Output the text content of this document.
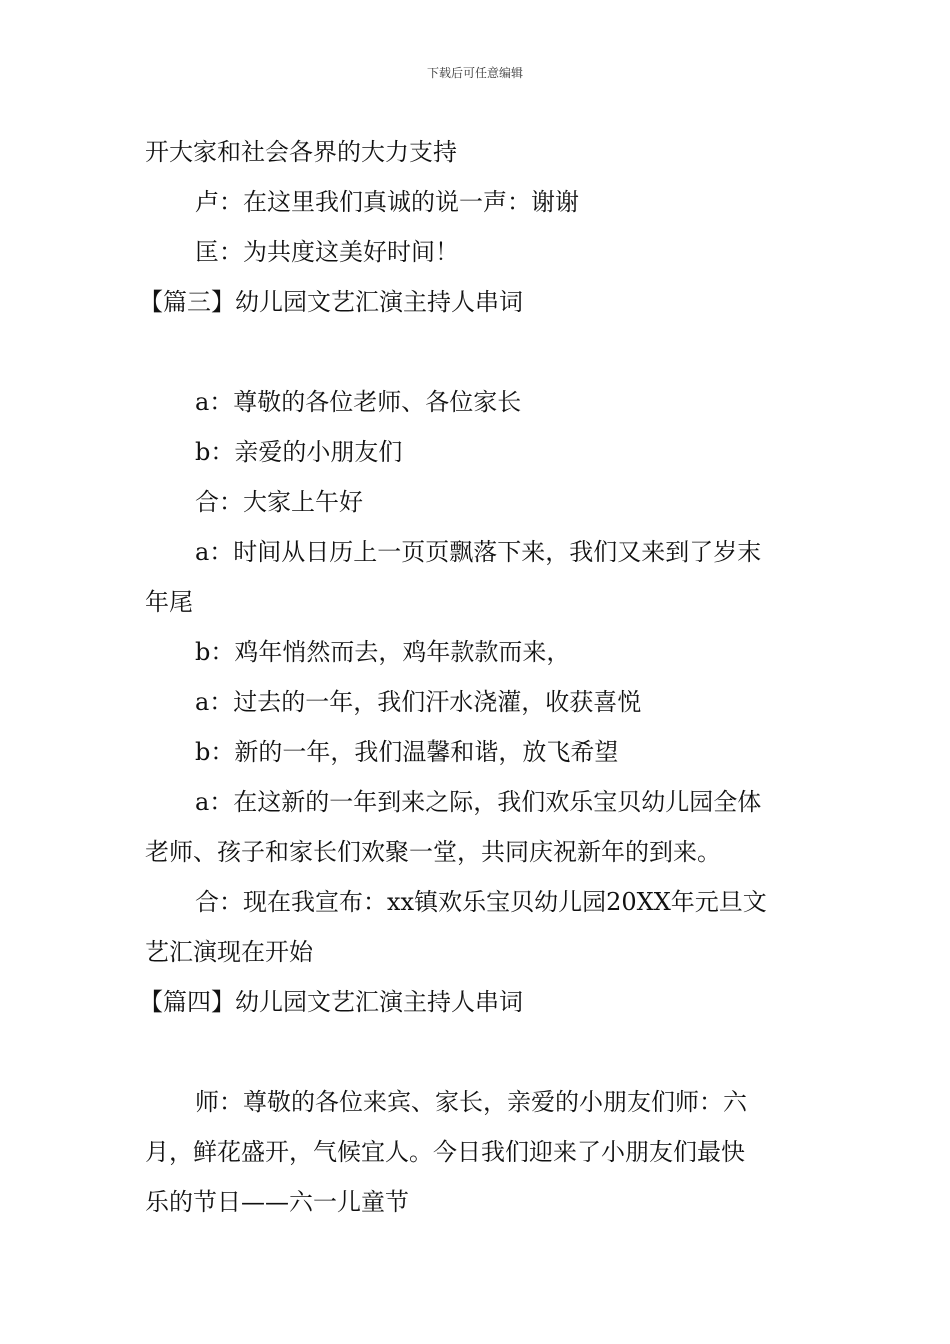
下载后可任意编辑
开大家和社会各界的大力支持
卢：在这里我们真诚的说一声：谢谢
匡：为共度这美好时间！
【篇三】幼儿园文艺汇演主持人串词
a：尊敬的各位老师、各位家长
b：亲爱的小朋友们
合：大家上午好
a：时间从日历上一页页飘落下来，我们又来到了岁末
年尾
b：鸡年悄然而去，鸡年款款而来，
a：过去的一年，我们汗水浇灌，收获喜悦
b：新的一年，我们温馨和谐，放飞希望
a：在这新的一年到来之际，我们欢乐宝贝幼儿园全体
老师、孩子和家长们欢聚一堂，共同庆祝新年的到来。
合：现在我宣布：xx镇欢乐宝贝幼儿园20XX年元旦文
艺汇演现在开始
【篇四】幼儿园文艺汇演主持人串词
师：尊敬的各位来宾、家长，亲爱的小朋友们师：六
月，鲜花盛开，气候宜人。今日我们迎来了小朋友们最快
乐的节日——六一儿童节
